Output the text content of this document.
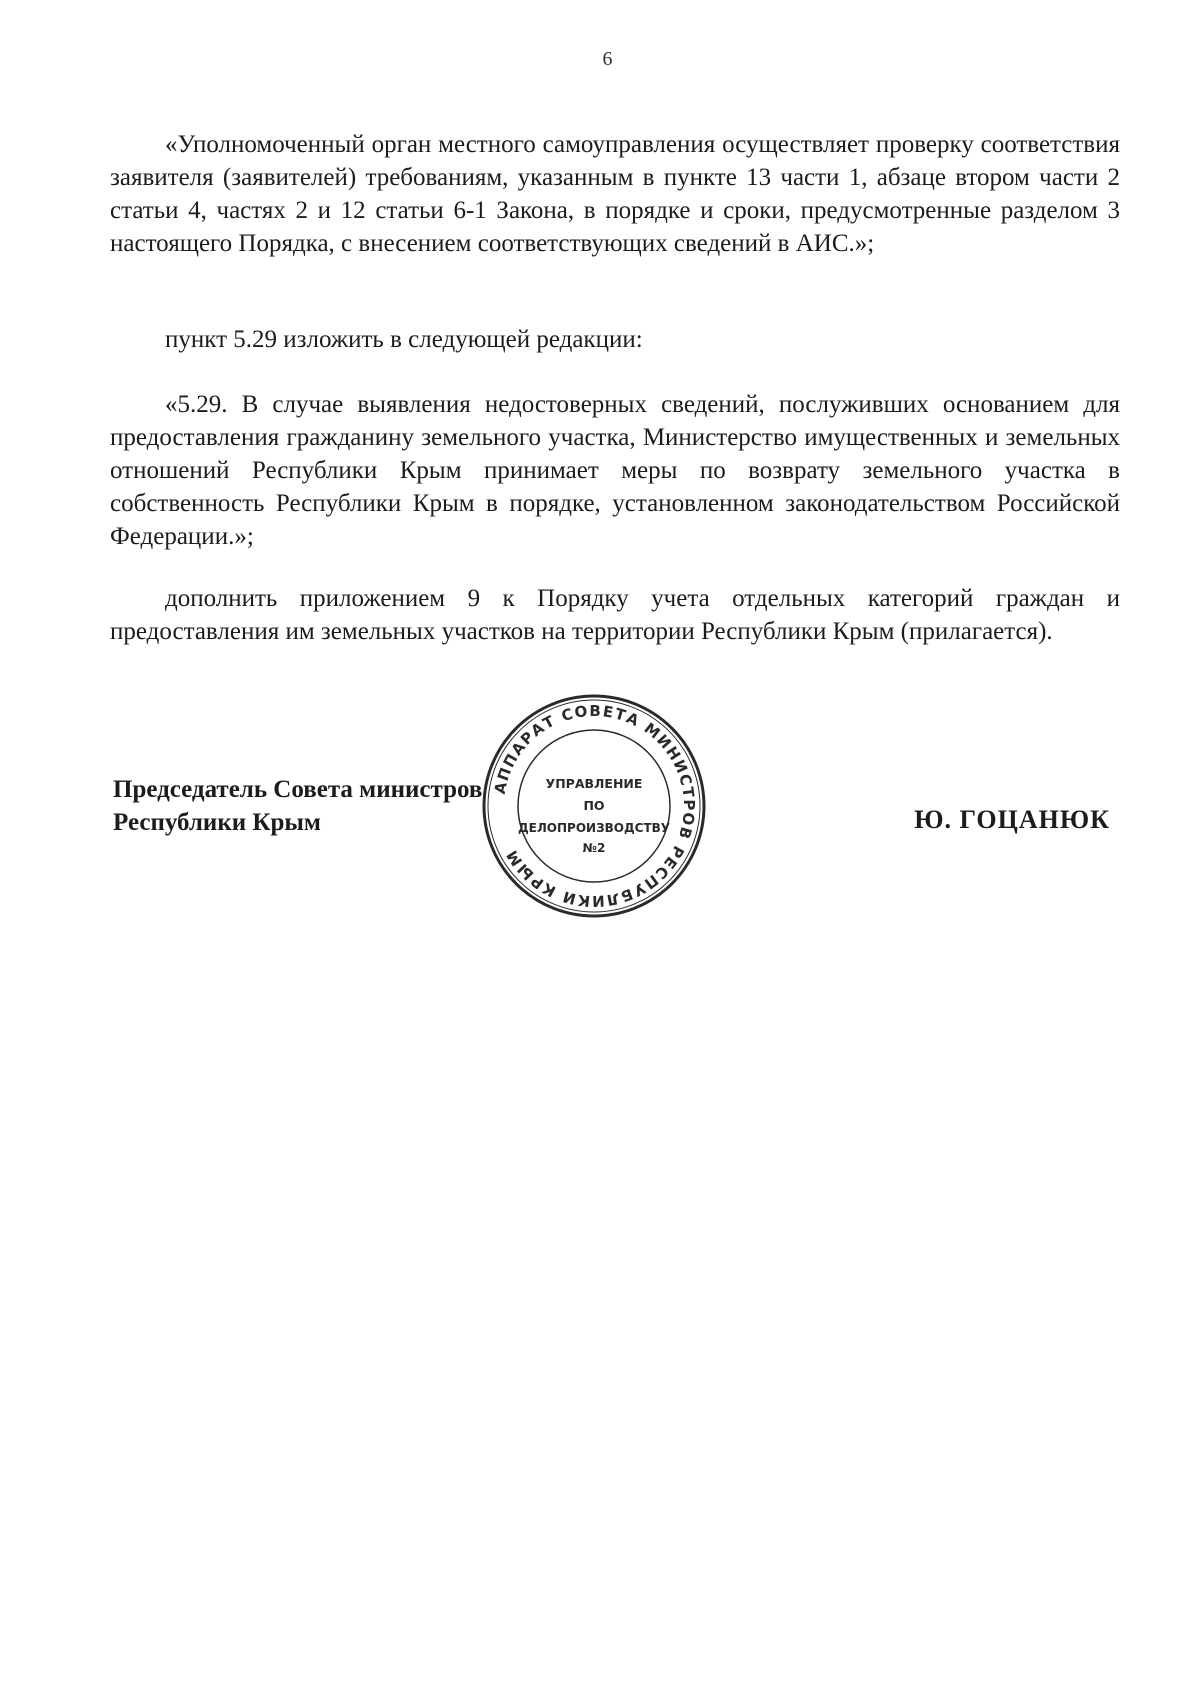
6

«Уполномоченный орган местного самоуправления осуществляет проверку соответствия заявителя (заявителей) требованиям, указанным в пункте 13 части 1, абзаце втором части 2 статьи 4, частях 2 и 12 статьи 6-1 Закона, в порядке и сроки, предусмотренные разделом 3 настоящего Порядка, с внесением соответствующих сведений в АИС.»;

пункт 5.29 изложить в следующей редакции:

«5.29. В случае выявления недостоверных сведений, послуживших основанием для предоставления гражданину земельного участка, Министерство имущественных и земельных отношений Республики Крым принимает меры по возврату земельного участка в собственность Республики Крым в порядке, установленном законодательством Российской Федерации.»;

дополнить приложением 9 к Порядку учета отдельных категорий граждан и предоставления им земельных участков на территории Республики Крым (прилагается).

Председатель Совета министров
Республики Крым	Ю. ГОЦАНЮК
АППАРАТ СОВЕТА МИНИСТРОВ РЕСПУБЛИКИ КРЫМ
УПРАВЛЕНИЕ
ПО
ДЕЛОПРОИЗВОДСТВУ
№2
